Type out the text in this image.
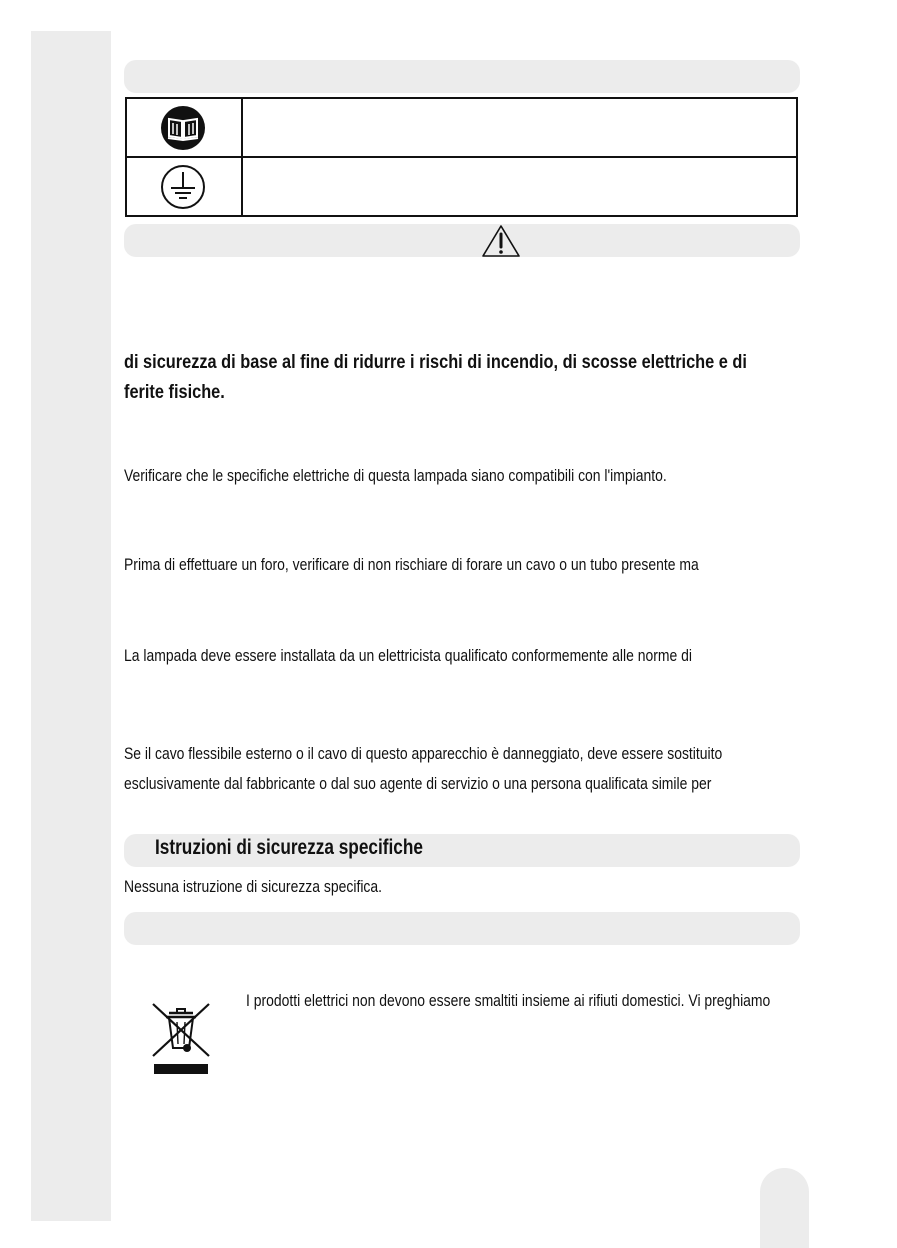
di sicurezza di base al fine di ridurre i rischi di incendio, di scosse elettriche e di
ferite fisiche.
Verificare che le specifiche elettriche di questa lampada siano compatibili con l'impianto.
Prima di effettuare un foro, verificare di non rischiare di forare un cavo o un tubo presente ma
La lampada deve essere installata da un elettricista qualificato conformemente alle norme di
Se il cavo flessibile esterno o il cavo di questo apparecchio è danneggiato, deve essere sostituito
esclusivamente dal fabbricante o dal suo agente di servizio o una persona qualificata simile per
Istruzioni di sicurezza specifiche
Nessuna istruzione di sicurezza specifica.
I prodotti elettrici non devono essere smaltiti insieme ai rifiuti domestici. Vi preghiamo
